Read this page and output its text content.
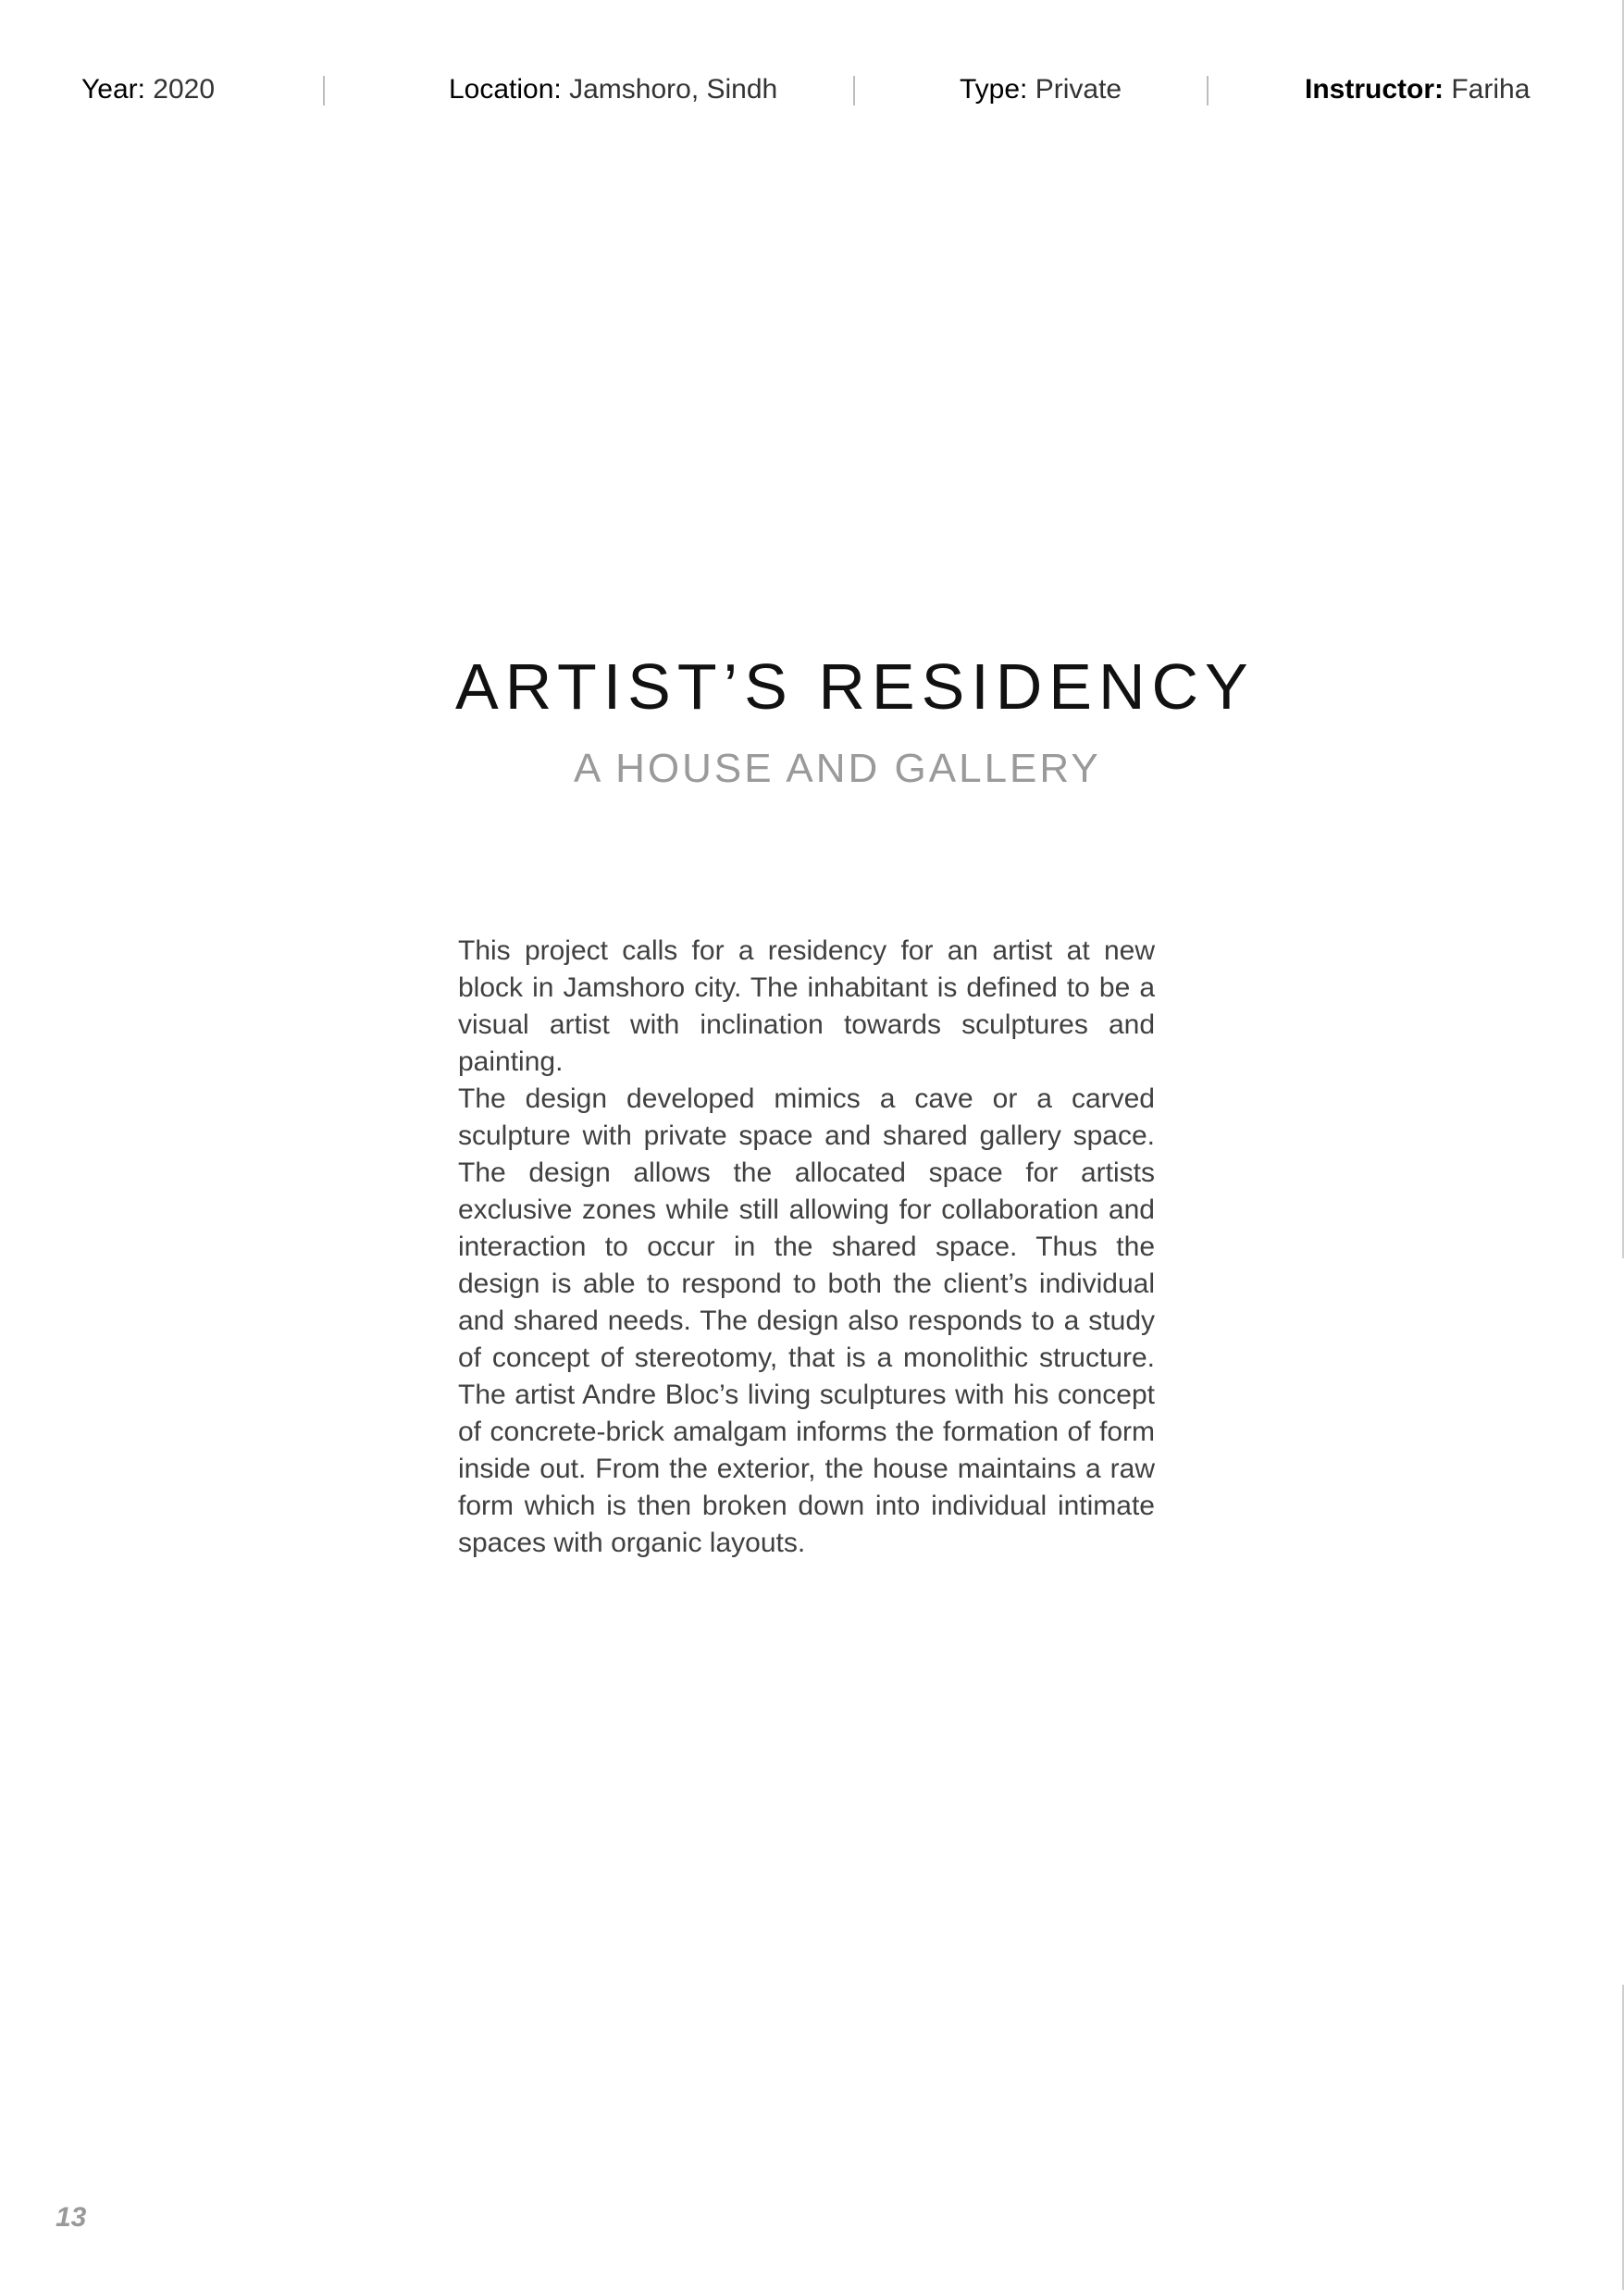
Year: 2020	Location: Jamshoro, Sindh	Type: Private	Instructor: Fariha
ARTIST’S RESIDENCY
A HOUSE AND GALLERY

This project calls for a residency for an artist at new block in Jamshoro city. The inhabitant is defined to be a visual artist with inclination towards sculptures and painting.

The design developed mimics a cave or a carved sculpture with private space and shared gallery space. The design allows the allocated space for artists exclusive zones while still allowing for collaboration and interaction to occur in the shared space. Thus the design is able to respond to both the client’s individual and shared needs. The design also responds to a study of concept of stereotomy, that is a monolithic structure. The artist Andre Bloc’s living sculptures with his concept of concrete-brick amalgam informs the formation of form inside out. From the exterior, the house maintains a raw form which is then broken down into individual intimate spaces with organic layouts.

13
